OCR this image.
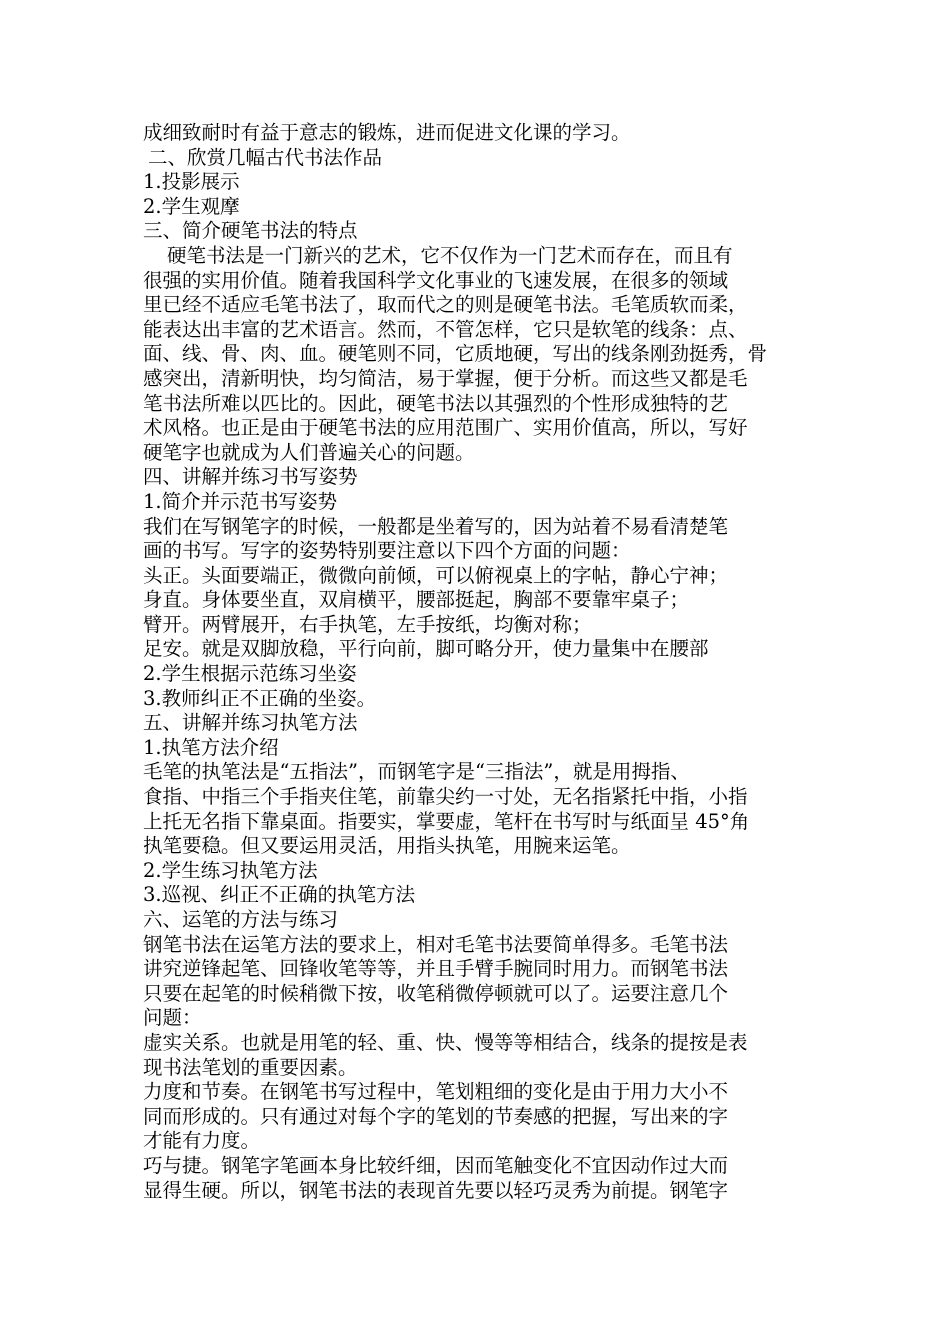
成细致耐时有益于意志的锻炼，进而促进文化课的学习。
二、欣赏几幅古代书法作品
1.投影展示
2.学生观摩
三、简介硬笔书法的特点
硬笔书法是一门新兴的艺术，它不仅作为一门艺术而存在，而且有
很强的实用价值。随着我国科学文化事业的飞速发展，在很多的领域
里已经不适应毛笔书法了，取而代之的则是硬笔书法。毛笔质软而柔，
能表达出丰富的艺术语言。然而，不管怎样，它只是软笔的线条：点、
面、线、骨、肉、血。硬笔则不同，它质地硬，写出的线条刚劲挺秀，骨
感突出，清新明快，均匀简洁，易于掌握，便于分析。而这些又都是毛
笔书法所难以匹比的。因此，硬笔书法以其强烈的个性形成独特的艺
术风格。也正是由于硬笔书法的应用范围广、实用价值高，所以，写好
硬笔字也就成为人们普遍关心的问题。
四、讲解并练习书写姿势
1.简介并示范书写姿势
我们在写钢笔字的时候，一般都是坐着写的，因为站着不易看清楚笔
画的书写。写字的姿势特别要注意以下四个方面的问题：
头正。头面要端正，微微向前倾，可以俯视桌上的字帖，静心宁神；
身直。身体要坐直，双肩横平，腰部挺起，胸部不要靠牢桌子；
臂开。两臂展开，右手执笔，左手按纸，均衡对称；
足安。就是双脚放稳，平行向前，脚可略分开，使力量集中在腰部
2.学生根据示范练习坐姿
3.教师纠正不正确的坐姿。
五、讲解并练习执笔方法
1.执笔方法介绍
毛笔的执笔法是“五指法”，而钢笔字是“三指法”，就是用拇指、
食指、中指三个手指夹住笔，前靠尖约一寸处，无名指紧托中指，小指
上托无名指下靠桌面。指要实，掌要虚，笔杆在书写时与纸面呈 45°角
执笔要稳。但又要运用灵活，用指头执笔，用腕来运笔。
2.学生练习执笔方法
3.巡视、纠正不正确的执笔方法
六、运笔的方法与练习
钢笔书法在运笔方法的要求上，相对毛笔书法要简单得多。毛笔书法
讲究逆锋起笔、回锋收笔等等，并且手臂手腕同时用力。而钢笔书法
只要在起笔的时候稍微下按，收笔稍微停顿就可以了。运要注意几个
问题：
虚实关系。也就是用笔的轻、重、快、慢等等相结合，线条的提按是表
现书法笔划的重要因素。
力度和节奏。在钢笔书写过程中，笔划粗细的变化是由于用力大小不
同而形成的。只有通过对每个字的笔划的节奏感的把握，写出来的字
才能有力度。
巧与捷。钢笔字笔画本身比较纤细，因而笔触变化不宜因动作过大而
显得生硬。所以，钢笔书法的表现首先要以轻巧灵秀为前提。钢笔字
